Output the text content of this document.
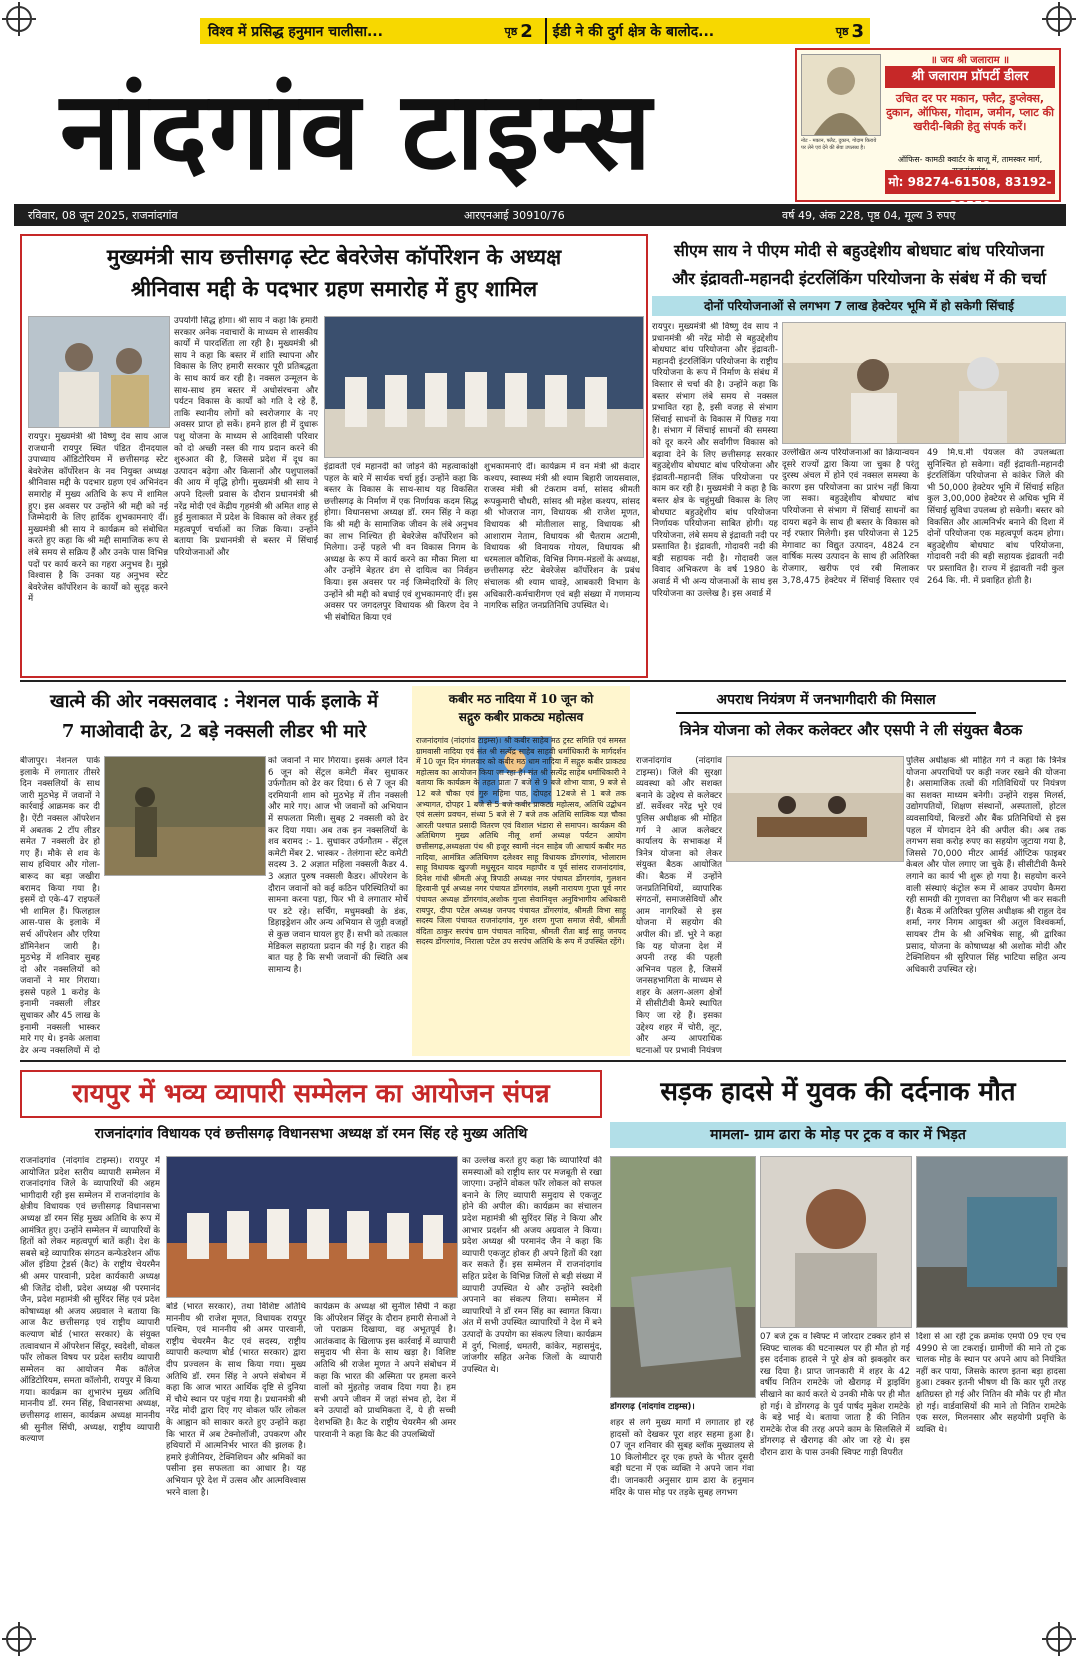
विश्व में प्रसिद्ध हनुमान चालीसा...	पृष्ठ 2 ईडी ने की दुर्ग क्षेत्र के बालोद...	पृष्ठ 3
नांदगांव टाइम्स	नोट - मकान, फ्लैट, दुकान, गोदाम किराये पर लेने एवं देने की सेवा उपलब्ध है।
॥ जय श्री जलाराम ॥
श्री जलाराम प्रॉपर्टी डीलर
उचित दर पर मकान, फ्लैट, डुप्लेक्स, दुकान, ऑफिस, गोदाम, जमीन, प्लाट की खरीदी-बिक्री हेतु संपर्क करें।
ऑफिस- कामठी क्वार्टर के बाजू में, तामस्कर मार्ग,
मो: 98274-61508, 83192-
रविवार, 08 जून 2025, राजनांदगांव	आरएनआई 30910/76	वर्ष 49, अंक 228, पृष्ठ 04, मूल्य 3 रुपए
मुख्यमंत्री साय छत्तीसगढ़ स्टेट बेवरेजेस कॉर्पोरेशन के अध्यक्ष
श्रीनिवास मद्दी के पदभार ग्रहण समारोह में हुए शामिल
रायपुर। मुख्यमंत्री श्री विष्णु देव साय आज राजधानी रायपुर स्थित पंडित दीनदयाल उपाध्याय ऑडिटोरियम में छत्तीसगढ़ स्टेट बेवरेजेस कॉर्पोरेशन के नव नियुक्त अध्यक्ष श्रीनिवास मद्दी के पदभार ग्रहण एवं अभिनंदन समारोह में मुख्य अतिथि के रूप में शामिल हुए। इस अवसर पर उन्होंने श्री मद्दी को नई जिम्मेदारी के लिए हार्दिक शुभकामनाएं दीं। मुख्यमंत्री श्री साय ने कार्यक्रम को संबोधित करते हुए कहा कि श्री मद्दी सामाजिक रूप से लंबे समय से सक्रिय हैं और उनके पास विभिन्न पदों पर कार्य करने का गहरा अनुभव है। मुझे विश्वास है कि उनका यह अनुभव स्टेट बेवरेजेस कॉर्पोरेशन के कार्यों को सुदृढ़ करने में
उपयोगी सिद्ध होगा। श्री साय ने कहा कि हमारी सरकार अनेक नवाचारों के माध्यम से शासकीय कार्यों में पारदर्शिता ला रही है। मुख्यमंत्री श्री साय ने कहा कि बस्तर में शांति स्थापना और विकास के लिए हमारी सरकार पूरी प्रतिबद्धता के साथ कार्य कर रही है। नक्सल उन्मूलन के साथ-साथ हम बस्तर में अधोसंरचना और पर्यटन विकास के कार्यों को गति दे रहे हैं, ताकि स्थानीय लोगों को स्वरोजगार के नए अवसर प्राप्त हो सकें। हमने हाल ही में दुधारू पशु योजना के माध्यम से आदिवासी परिवार को दो अच्छी नस्ल की गाय प्रदान करने की शुरुआत की है, जिससे प्रदेश में दूध का उत्पादन बढ़ेगा और किसानों और पशुपालकों की आय में वृद्धि होगी। मुख्यमंत्री श्री साय ने अपने दिल्ली प्रवास के दौरान प्रधानमंत्री श्री नरेंद्र मोदी एवं केंद्रीय गृहमंत्री श्री अमित शाह से हुई मुलाकात में प्रदेश के विकास को लेकर हुई महत्वपूर्ण चर्चाओं का जिक्र किया। उन्होंने बताया कि प्रधानमंत्री से बस्तर में सिंचाई परियोजनाओं और
इंद्रावती एवं महानदी को जोड़ने की महत्वाकांक्षी पहल के बारे में सार्थक चर्चा हुई। उन्होंने कहा कि बस्तर के विकास के साथ-साथ यह विकसित छत्तीसगढ़ के निर्माण में एक निर्णायक कदम सिद्ध होगा। विधानसभा अध्यक्ष डॉ. रमन सिंह ने कहा कि श्री मद्दी के सामाजिक जीवन के लंबे अनुभव का लाभ निश्चित ही बेवरेजेस कॉर्पोरेशन को मिलेगा। उन्हें पहले भी वन विकास निगम के अध्यक्ष के रूप में कार्य करने का मौका मिला था और उन्होंने बेहतर ढंग से दायित्व का निर्वहन किया। इस अवसर पर नई जिम्मेदारियों के लिए उन्होंने श्री मद्दी को बधाई एवं शुभकामनाएं दीं। इस अवसर पर जगदलपुर विधायक श्री किरण देव ने भी संबोधित किया एवं
शुभकामनाएं दीं। कार्यक्रम में वन मंत्री श्री केदार कश्यप, स्वास्थ्य मंत्री श्री श्याम बिहारी जायसवाल, राजस्व मंत्री श्री टंकराम वर्मा, सांसद श्रीमती रूपकुमारी चौधरी, सांसद श्री महेश कश्यप, सांसद श्री भोजराज नाग, विधायक श्री राजेश मूणत, विधायक श्री मोतीलाल साहू, विधायक श्री आशाराम नेताम, विधायक श्री चैतराम अटामी, विधायक श्री विनायक गोयल, विधायक श्री धरमलाल कौशिक, विभिन्न निगम-मंडलों के अध्यक्ष, छत्तीसगढ़ स्टेट बेवरेजेस कॉर्पोरेशन के प्रबंध संचालक श्री श्याम धावड़े, आबकारी विभाग के अधिकारी-कर्मचारीगण एवं बड़ी संख्या में गणमान्य नागरिक सहित जनप्रतिनिधि उपस्थित थे।
सीएम साय ने पीएम मोदी से बहुउद्देशीय बोधघाट बांध परियोजना
और इंद्रावती-महानदी इंटरलिंकिंग परियोजना के संबंध में की चर्चा
दोनों परियोजनाओं से लगभग 7 लाख हेक्टेयर भूमि में हो सकेगी सिंचाई
रायपुर। मुख्यमंत्री श्री विष्णु देव साय ने प्रधानमंत्री श्री नरेंद्र मोदी से बहुउद्देशीय बोधघाट बांध परियोजना और इंद्रावती-महानदी इंटरलिंकिंग परियोजना के राष्ट्रीय परियोजना के रूप में निर्माण के संबंध में विस्तार से चर्चा की है। उन्होंने कहा कि बस्तर संभाग लंबे समय से नक्सल प्रभावित रहा है, इसी वजह से संभाग सिंचाई साधनों के विकास में पिछड़ गया है। संभाग में सिंचाई साधनों की समस्या को दूर करने और सर्वांगीण विकास को बढ़ावा देने के लिए छत्तीसगढ़ सरकार बहुउद्देशीय बोधघाट बांध परियोजना और इंद्रावती-महानदी लिंक परियोजना पर काम कर रही है। मुख्यमंत्री ने कहा है कि बस्तर क्षेत्र के चहुंमुखी विकास के लिए बोधघाट बहुउद्देशीय बांध परियोजना निर्णायक परियोजना साबित होगी। यह परियोजना, लंबे समय से इंद्रावती नदी पर प्रस्तावित है। इंद्रावती, गोदावरी नदी की बड़ी सहायक नदी है। गोदावरी जल विवाद अभिकरण के वर्ष 1980 के अवार्ड में भी अन्य योजनाओं के साथ इस परियोजना का उल्लेख है। इस अवार्ड में
उल्लेखित अन्य परियोजनाओं का क्रियान्वयन दूसरे राज्यों द्वारा किया जा चुका है परंतु दुरस्थ अंचल में होने एवं नक्सल समस्या के कारण इस परियोजना का प्रारंभ नहीं किया जा सका। बहुउद्देशीय बोधघाट बांध परियोजना से संभाग में सिंचाई साधनों का दायरा बढ़ने के साथ ही बस्तर के विकास को नई रफ्तार मिलेगी। इस परियोजना से 125 मेगावाट का विद्युत उत्पादन, 4824 टन वार्षिक मत्स्य उत्पादन के साथ ही अतिरिक्त रोजगार, खरीफ एवं रबी मिलाकर 3,78,475 हेक्टेयर में सिंचाई विस्तार एवं 49 मि.घ.मी पेयजल की उपलब्धता सुनिश्चित हो सकेगा। वहीं इंद्रावती-महानदी इंटरलिंकिंग परियोजना से कांकेर जिले की भी 50,000 हेक्टेयर भूमि में सिंचाई सहित कुल 3,00,000 हेक्टेयर से अधिक भूमि में सिंचाई सुविधा उपलब्ध हो सकेगी। बस्तर को विकसित और आत्मनिर्भर बनाने की दिशा में दोनों परियोजना एक महत्वपूर्ण कदम होगा। बहुउद्देशीय बोधघाट बांध परियोजना, गोदावरी नदी की बड़ी सहायक इंद्रावती नदी पर प्रस्तावित है। राज्य में इंद्रावती नदी कुल 264 कि. मी. में प्रवाहित होती है।
खात्मे की ओर नक्सलवाद : नेशनल पार्क इलाके में
7 माओवादी ढेर, 2 बड़े नक्सली लीडर भी मारे
बीजापुर। नेशनल पार्क इलाके में लगातार तीसरे दिन नक्सलियों के साथ जारी मुठभेड़ में जवानों ने कार्रवाई आक्रमक कर दी है। ऐंटी नक्सल ऑपरेशन में अबतक 2 टॉप लीडर समेत 7 नक्सली ढेर हो गए हैं। मौके से शव के साथ हथियार और गोला-बारूद का बड़ा जखीरा बरामद किया गया है। इसमें दो एके-47 राइफलें भी शामिल हैं। फिलहाल आस-पास के इलाके में सर्च ऑपरेशन और एरिया डॉमिनेशन जारी है। मुठभेड़ में शनिवार सुबह दो और नक्सलियों को जवानों ने मार गिराया। इससे पहले 1 करोड़ के इनामी नक्सली लीडर सुधाकर और 45 लाख के इनामी नक्सली भास्कर मारे गए थे। इनके अलावा ढेर अन्य नक्सलियों में दो
को जवानों ने मार गिराया। इसके अगले दिन 6 जून को सेंट्रल कमेटी मेंबर सुधाकर उर्फगौतम को ढेर कर दिया। 6 से 7 जून की दरमियानी शाम को मुठभेड़ में तीन नक्सली और मारे गए। आज भी जवानों को अभियान में सफलता मिली। सुबह 2 नक्सली को ढेर कर दिया गया। अब तक इन नक्सलियों के शव बरामद :- 1. सुधाकर उर्फगौतम - सेंट्रल कमेटी मेंबर 2. भास्कर - तेलंगाना स्टेट कमेटी सदस्य 3. 2 अज्ञात महिला नक्सली कैडर 4. 3 अज्ञात पुरुष नक्सली कैडर। ऑपरेशन के दौरान जवानों को कई कठिन परिस्थितियों का सामना करना पड़ा, फिर भी वे लगातार मोर्चे पर डटे रहे। सर्चिंग, मधुमक्खी के डंक, डिहाइड्रेशन और अन्य अभियान से जुड़ी वजहों से कुछ जवान घायल हुए हैं। सभी को तत्काल मेडिकल सहायता प्रदान की गई है। राहत की बात यह है कि सभी जवानों की स्थिति अब सामान्य है।
कबीर मठ नादिया में 10 जून को
सद्गुरु कबीर प्राकट्य महोत्सव
राजनांदगांव (नांदगांव टाइम्स)। श्री कबीर साहेब मठ ट्रस्ट समिति एवं समस्त ग्रामवासी नादिया एवं संत श्री सत्येंद्र साहेब साहवी धर्माधिकारी के मार्गदर्शन में 10 जून दिन मंगलवार को कबीर मठ धाम नादिया में सद्गुरु कबीर प्राकट्य महोत्सव का आयोजन किया जा रहा है। संत श्री सत्येंद्र साहेब धर्माधिकारी ने बताया कि कार्यक्रम के तहत प्रातः 7 बजे से 9 बजे शोभा यात्रा, 9 बजे से 12 बजे चौका एवं गुरु महिमा पाठ, दोपहर 12बजे से 1 बजे तक अभ्यागत, दोपहर 1 बजे से 5 बजे कबीर प्राकट्य महोत्सव, अतिथि उद्बोधन एवं सत्संग प्रवचन, संध्या 5 बजे से 7 बजे तक अतिथि सात्विक यज्ञ चौका आरती पश्चात प्रसादी वितरण एवं विशाल भंडारा से समापन। कार्यक्रम की अतिथिगण मुख्य अतिथि नीलू शर्मा अध्यक्ष पर्यटन आयोग छत्तीसगढ़,अध्यक्षता पंथ श्री हजूर स्वामी नंदन साहेब जी आचार्य कबीर मठ नादिया, आमंत्रित अतिथिगण दलेश्वर साहू विधायक डोंगरगांव, भोलाराम साहू विधायक खुज्जी मधुसूदन यादव महापौर व पूर्व सांसद राजनांदगांव, दिनेश गांधी श्रीमती अंजू त्रिपाठी अध्यक्ष नगर पंचायत डोंगरगांव, गुलशन हिरवानी पूर्व अध्यक्ष नगर पंचायत डोंगरगांव, लक्ष्मी नारायण गुप्ता पूर्व नगर पंचायत अध्यक्ष डोंगरगांव,अशोक गुप्ता सेवानिवृत्त अनुविभागीय अधिकारी रायपुर, दीपा पटेल अध्यक्ष जनपद पंचायत डोंगरगांव, श्रीमती विभा साहू सदस्य जिला पंचायत राजनांदगांव, गुरु शरण गुप्ता समाज सेवी, श्रीमती वंदिता ठाकुर सरपंच ग्राम पंचायत नादिया, श्रीमती रीता बाई साहू जनपद सदस्य डोंगरगांव, निराला पटेल उप सरपंच अतिथि के रूप में उपस्थित रहेंगे।
अपराध नियंत्रण में जनभागीदारी की मिसाल
त्रिनेत्र योजना को लेकर कलेक्टर और एसपी ने ली संयुक्त बैठक
राजनांदगांव (नांदगांव टाइम्स)। जिले की सुरक्षा व्यवस्था को और सशक्त बनाने के उद्देश्य से कलेक्टर डॉ. सर्वेश्वर नरेंद्र भुरे एवं पुलिस अधीक्षक श्री मोहित गर्ग ने आज कलेक्टर कार्यालय के सभाकक्ष में त्रिनेत्र योजना को लेकर संयुक्त बैठक आयोजित की। बैठक में उन्होंने जनप्रतिनिधियों, व्यापारिक संगठनों, समाजसेवियों और आम नागरिकों से इस योजना में सहयोग की अपील की। डॉ. भुरे ने कहा कि यह योजना देश में अपनी तरह की पहली अभिनव पहल है, जिसमें जनसहभागिता के माध्यम से शहर के अलग-अलग क्षेत्रों में सीसीटीवी कैमरे स्थापित किए जा रहे हैं। इसका उद्देश्य शहर में चोरी, लूट, और अन्य आपराधिक घटनाओं पर प्रभावी नियंत्रण
पुलिस अधीक्षक श्री मोहित गर्ग ने कहा कि त्रिनेत्र योजना अपराधियों पर कड़ी नजर रखने की योजना है। असामाजिक तत्वों की गतिविधियों पर नियंत्रण का सशक्त माध्यम बनेगी। उन्होंने राइस मिलर्स, उद्योगपतियों, शिक्षण संस्थानों, अस्पतालों, होटल व्यवसायियों, बिल्डरों और बैंक प्रतिनिधियों से इस पहल में योगदान देने की अपील की। अब तक लगभग सवा करोड़ रुपए का सहयोग जुटाया गया है, जिससे 70,000 मीटर आर्मर्ड ऑप्टिक फाइबर केबल और पोल लगाए जा चुके हैं। सीसीटीवी कैमरे लगाने का कार्य भी शुरू हो गया है। सहयोग करने वाली संस्थाएं कंट्रोल रूम में आकर उपयोग कैमरा रही सामग्री की गुणवत्ता का निरीक्षण भी कर सकती हैं। बैठक में अतिरिक्त पुलिस अधीक्षक श्री राहुल देव शर्मा, नगर निगम आयुक्त श्री अतुल विश्वकर्मा, सायबर टीम के श्री अभिषेक साहू, श्री द्वारिका प्रसाद, योजना के कोषाध्यक्ष श्री अशोक मोदी और टेक्निशियन श्री सुरिपाल सिंह भाटिया सहित अन्य अधिकारी उपस्थित रहे।
रायपुर में भव्य व्यापारी सम्मेलन का आयोजन संपन्न
राजनांदगांव विधायक एवं छत्तीसगढ़ विधानसभा अध्यक्ष डॉ रमन सिंह रहे मुख्य अतिथि
राजनांदगांव (नांदगांव टाइम्स)। रायपुर में आयोजित प्रदेश स्तरीय व्यापारी सम्मेलन में राजनांदगांव जिले के व्यापारियों की अहम भागीदारी रही इस सम्मेलन में राजनांदगांव के क्षेत्रीय विधायक एवं छत्तीसगढ़ विधानसभा अध्यक्ष डॉ रमन सिंह मुख्य अतिथि के रूप में आमंत्रित हुए। उन्होंने सम्मेलन में व्यापारियों के हितों को लेकर महत्वपूर्ण बातें कही। देश के सबसे बड़े व्यापारिक संगठन कन्फेडरेशन ऑफ ऑल इंडिया ट्रेडर्स (कैट) के राष्ट्रीय चेयरमैन श्री अमर पारवानी, प्रदेश कार्यकारी अध्यक्ष श्री जितेंद्र दोशी, प्रदेश अध्यक्ष श्री परमानंद जैन, प्रदेश महामंत्री श्री सुरिंदर सिंह एवं प्रदेश कोषाध्यक्ष श्री अजय अग्रवाल ने बताया कि आज कैट छत्तीसगढ़ एवं राष्ट्रीय व्यापारी कल्याण बोर्ड (भारत सरकार) के संयुक्त तत्वावधान में ऑपरेशन सिंदूर, स्वदेशी, वोकल फॉर लोकल विषय पर प्रदेश स्तरीय व्यापारी सम्मेलन का आयोजन मैक कॉलेज ऑडिटोरियम, समता कॉलोनी, रायपुर में किया गया। कार्यक्रम का शुभारंभ मुख्य अतिथि माननीय डॉ. रमन सिंह, विधानसभा अध्यक्ष, छत्तीसगढ़ शासन, कार्यक्रम अध्यक्ष माननीय श्री सुनील सिंघी, अध्यक्ष, राष्ट्रीय व्यापारी कल्याण
बोर्ड (भारत सरकार), तथा विशिष्ट अतिथि माननीय श्री राजेश मूणत, विधायक रायपुर पश्चिम, एवं माननीय श्री अमर पारवानी, राष्ट्रीय चेयरमैन कैट एवं सदस्य, राष्ट्रीय व्यापारी कल्याण बोर्ड (भारत सरकार) द्वारा दीप प्रज्वलन के साथ किया गया। मुख्य अतिथि डॉ. रमन सिंह ने अपने संबोधन में कहा कि आज भारत आर्थिक दृष्टि से दुनिया में चौथे स्थान पर पहुंच गया है। प्रधानमंत्री श्री नरेंद्र मोदी द्वारा दिए गए वोकल फॉर लोकल के आह्वान को साकार करते हुए उन्होंने कहा कि भारत में अब टेक्नोलॉजी, उपकरण और हथियारों में आत्मनिर्भर भारत की झलक है। हमारे इंजीनियर, टेक्निशियन और श्रमिकों का पसीना इस सफलता का आधार है। यह अभियान पूरे देश में उत्सव और आत्मविश्वास भरने वाला है।
कार्यक्रम के अध्यक्ष श्री सुनील सिंघी ने कहा कि ऑपरेशन सिंदूर के दौरान हमारी सेनाओं ने जो पराक्रम दिखाया, वह अभूतपूर्व है। आतंकवाद के खिलाफ इस कार्रवाई में व्यापारी समुदाय भी सेना के साथ खड़ा है। विशिष्ट अतिथि श्री राजेश मूणत ने अपने संबोधन में कहा कि भारत की अस्मिता पर हमला करने वालों को मुंहतोड़ जवाब दिया गया है। हम सभी अपने जीवन में जहां संभव हो, देश में बने उत्पादों को प्राथमिकता दें, ये ही सच्ची देशभक्ति है। कैट के राष्ट्रीय चेयरमैन श्री अमर पारवानी ने कहा कि कैट की उपलब्धियों
का उल्लेख करते हुए कहा कि व्यापारियों की समस्याओं को राष्ट्रीय स्तर पर मजबूती से रखा जाएगा। उन्होंने वोकल फॉर लोकल को सफल बनाने के लिए व्यापारी समुदाय से एकजुट होने की अपील की। कार्यक्रम का संचालन प्रदेश महामंत्री श्री सुरिंदर सिंह ने किया और आभार प्रदर्शन श्री अजय अग्रवाल ने किया। प्रदेश अध्यक्ष श्री परमानंद जैन ने कहा कि व्यापारी एकजुट होकर ही अपने हितों की रक्षा कर सकते हैं। इस सम्मेलन में राजनांदगांव सहित प्रदेश के विभिन्न जिलों से बड़ी संख्या में व्यापारी उपस्थित थे और उन्होंने स्वदेशी अपनाने का संकल्प लिया। सम्मेलन में व्यापारियों ने डॉ रमन सिंह का स्वागत किया। अंत में सभी उपस्थित व्यापारियों ने देश में बने उत्पादों के उपयोग का संकल्प लिया। कार्यक्रम में दुर्ग, भिलाई, धमतरी, कांकेर, महासमुंद, जांजगीर सहित अनेक जिलों के व्यापारी उपस्थित थे।
सड़क हादसे में युवक की दर्दनाक मौत
मामला- ग्राम ढारा के मोड़ पर ट्रक व कार में भिड़त
डोंगरगढ़ (नांदगांव टाइम्स)।
शहर से लगे मुख्य मार्गों में लगातार हो रहे हादसों को देखकर पूरा शहर सहमा हुआ है। 07 जून शनिवार की सुबह ब्लॉक मुख्यालय से 10 किलोमीटर दूर एक हफ्ते के भीतर दूसरी बड़ी घटना में एक व्यक्ति ने अपने जान गंवा दी। जानकारी अनुसार ग्राम ढारा के हनुमान मंदिर के पास मोड़ पर तड़के सुबह लगभग
07 बजे ट्रक व स्विफ्ट में जोरदार टक्कर होने से स्विफ्ट चालक की घटनास्थल पर ही मौत हो गई इस दर्दनाक हादसे ने पूरे क्षेत्र को झकझोर कर रख दिया है। प्राप्त जानकारी में शहर के 42 वर्षीय नितिन रामटेके जो खैरागढ़ में ड्राइविंग सीखाने का कार्य करते थे उनकी मौके पर ही मौत हो गई। वे डोंगरगढ़ के पुर्व पार्षद मुकेश रामटेके के बड़े भाई थे। बताया जाता है की नितिन रामटेके रोज की तरह अपने काम के सिलसिले में डोंगरगढ़ से खैरागढ़ की ओर जा रहे थे। इस दौरान ढारा के पास उनकी स्विफ्ट गाड़ी विपरीत
दिशा से आ रही ट्रक क्रमांक एमपी 09 एच एच 4990 से जा टकराई। ग्रामीणों की माने तो ट्रक चालक मोड़ के स्थान पर अपने आप को नियंत्रित नहीं कर पाया, जिसके कारण इतना बड़ा हादसा हुआ। टक्कर इतनी भीषण थी कि कार पूरी तरह क्षतिग्रस्त हो गई और नितिन की मौके पर ही मौत हो गई। वार्डवासियों की माने तो नितिन रामटेके एक सरल, मिलनसार और सहयोगी प्रवृत्ति के व्यक्ति थे।
